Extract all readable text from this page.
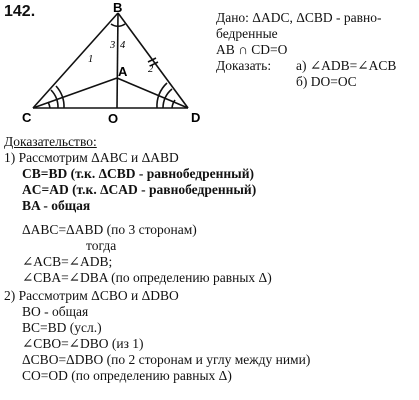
142.	B
A
C	O	D
1
2
3 4
Дано: ΔADC, ΔCBD - равно-
бедренные
AB ∩ CD=O
Доказать: а) ∠ADB=∠ACB
б) DO=OC
Доказательство:
1) Рассмотрим ΔABC и ΔABD
CB=BD (т.к. ΔCBD - равнобедренный)
AC=AD (т.к. ΔCAD - равнобедренный)
BA - общая
ΔABC=ΔABD (по 3 сторонам)
тогда
∠ACB=∠ADB;
∠CBA=∠DBA (по определению равных Δ)
2) Рассмотрим ΔCBO и ΔDBO
BO - общая
BC=BD (усл.)
∠CBO=∠DBO (из 1)
ΔCBO=ΔDBO (по 2 сторонам и углу между ними)
CO=OD (по определению равных Δ)
